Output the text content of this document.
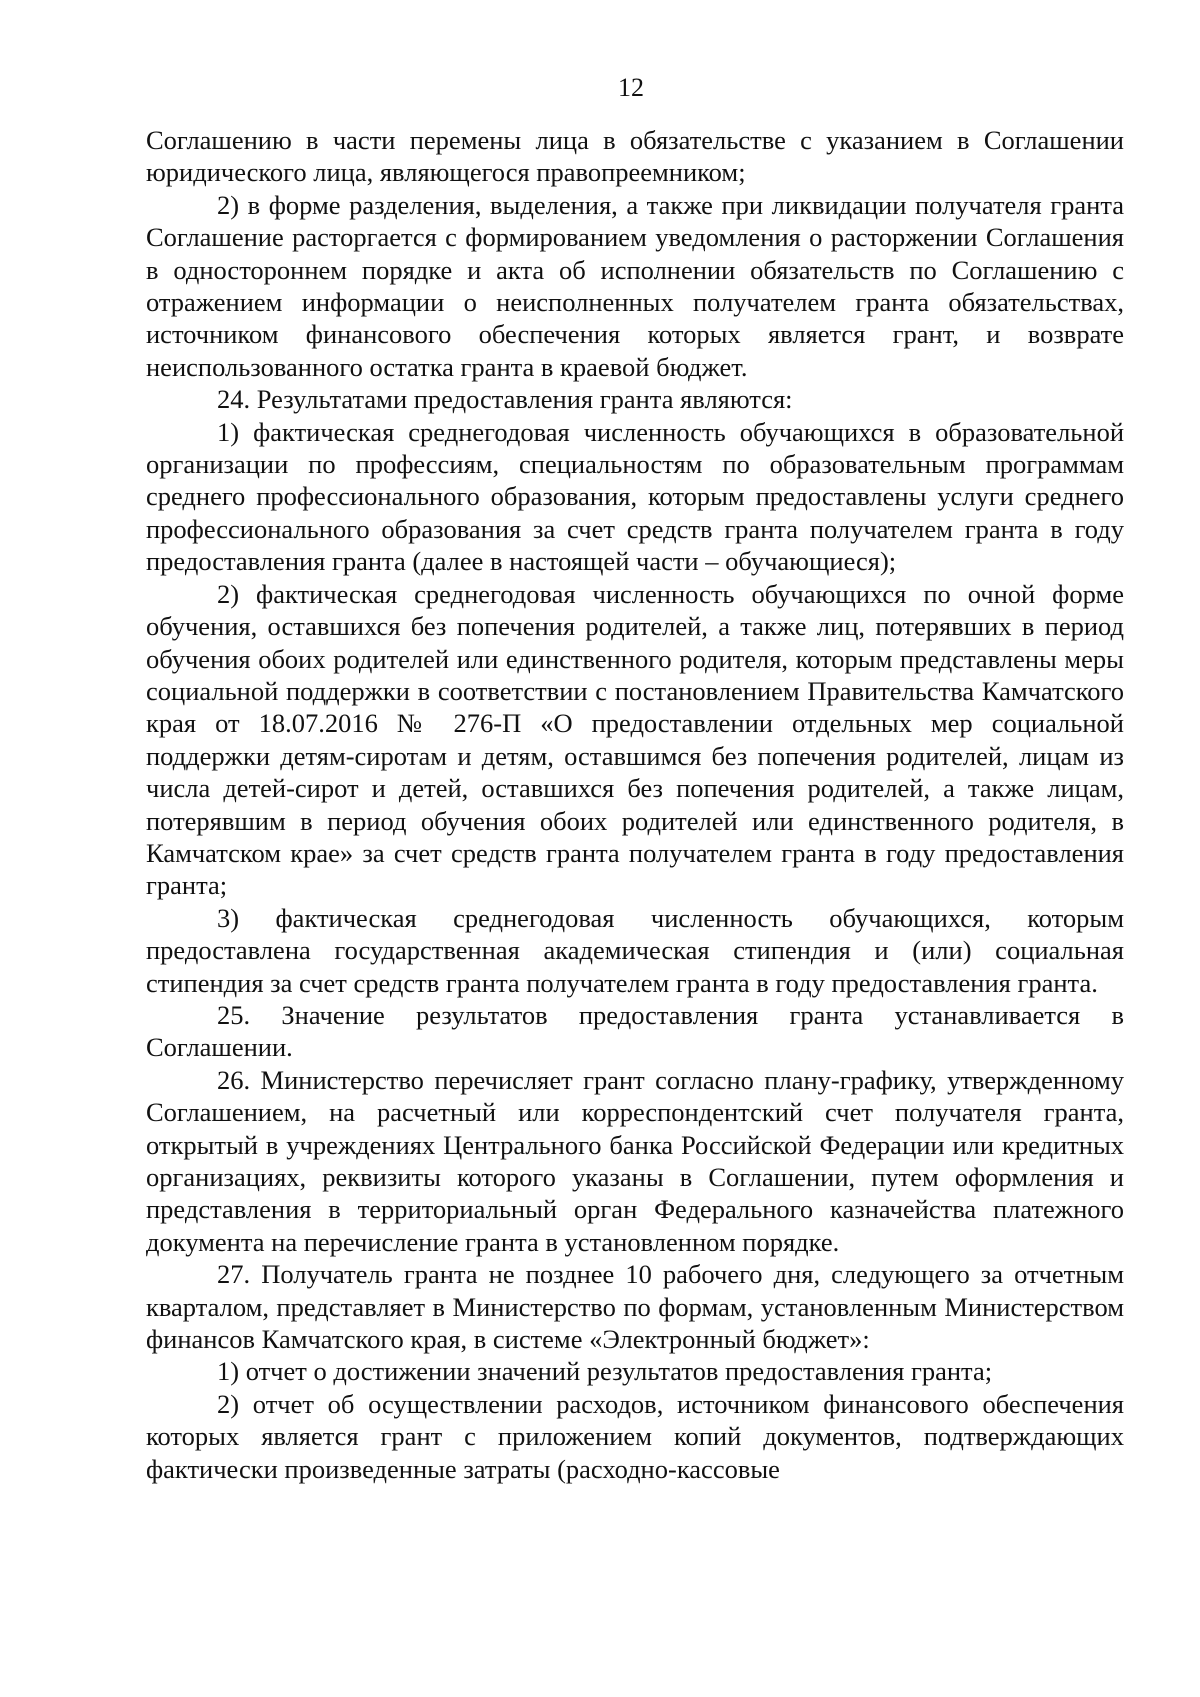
12

Соглашению в части перемены лица в обязательстве с указанием в Соглашении юридического лица, являющегося правопреемником;

2) в форме разделения, выделения, а также при ликвидации получателя гранта Соглашение расторгается с формированием уведомления о расторжении Соглашения в одностороннем порядке и акта об исполнении обязательств по Соглашению с отражением информации о неисполненных получателем гранта обязательствах, источником финансового обеспечения которых является грант, и возврате неиспользованного остатка гранта в краевой бюджет.

24. Результатами предоставления гранта являются:

1) фактическая среднегодовая численность обучающихся в образовательной организации по профессиям, специальностям по образовательным программам среднего профессионального образования, которым предоставлены услуги среднего профессионального образования за счет средств гранта получателем гранта в году предоставления гранта (далее в настоящей части – обучающиеся);

2) фактическая среднегодовая численность обучающихся по очной форме обучения, оставшихся без попечения родителей, а также лиц, потерявших в период обучения обоих родителей или единственного родителя, которым представлены меры социальной поддержки в соответствии с постановлением Правительства Камчатского края от 18.07.2016 № 276-П «О предоставлении отдельных мер социальной поддержки детям-сиротам и детям, оставшимся без попечения родителей, лицам из числа детей-сирот и детей, оставшихся без попечения родителей, а также лицам, потерявшим в период обучения обоих родителей или единственного родителя, в Камчатском крае» за счет средств гранта получателем гранта в году предоставления гранта;

3) фактическая среднегодовая численность обучающихся, которым предоставлена государственная академическая стипендия и (или) социальная стипендия за счет средств гранта получателем гранта в году предоставления гранта.

25. Значение результатов предоставления гранта устанавливается в Соглашении.

26. Министерство перечисляет грант согласно плану-графику, утвержденному Соглашением, на расчетный или корреспондентский счет получателя гранта, открытый в учреждениях Центрального банка Российской Федерации или кредитных организациях, реквизиты которого указаны в Соглашении, путем оформления и представления в территориальный орган Федерального казначейства платежного документа на перечисление гранта в установленном порядке.

27. Получатель гранта не позднее 10 рабочего дня, следующего за отчетным кварталом, представляет в Министерство по формам, установленным Министерством финансов Камчатского края, в системе «Электронный бюджет»:

1) отчет о достижении значений результатов предоставления гранта;

2) отчет об осуществлении расходов, источником финансового обеспечения которых является грант с приложением копий документов, подтверждающих фактически произведенные затраты (расходно-кассовые
